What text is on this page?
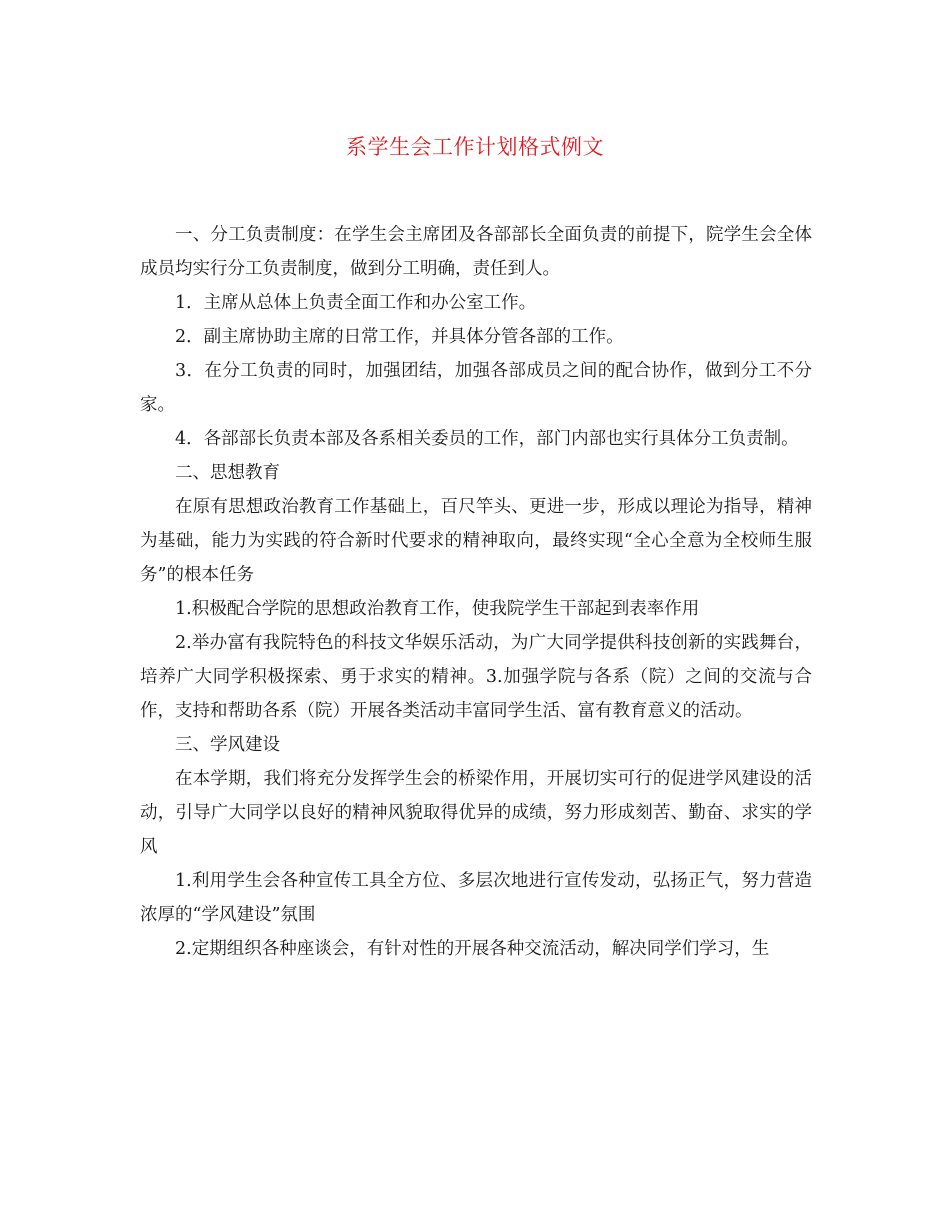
系学生会工作计划格式例文

一、分工负责制度：在学生会主席团及各部部长全面负责的前提下，院学生会全体成员均实行分工负责制度，做到分工明确，责任到人。

1．主席从总体上负责全面工作和办公室工作。

2．副主席协助主席的日常工作，并具体分管各部的工作。

3．在分工负责的同时，加强团结，加强各部成员之间的配合协作，做到分工不分家。

4．各部部长负责本部及各系相关委员的工作，部门内部也实行具体分工负责制。

二、思想教育

在原有思想政治教育工作基础上，百尺竿头、更进一步，形成以理论为指导，精神为基础，能力为实践的符合新时代要求的精神取向，最终实现“全心全意为全校师生服务”的根本任务

1.积极配合学院的思想政治教育工作，使我院学生干部起到表率作用

2.举办富有我院特色的科技文华娱乐活动，为广大同学提供科技创新的实践舞台，培养广大同学积极探索、勇于求实的精神。3.加强学院与各系（院）之间的交流与合作，支持和帮助各系（院）开展各类活动丰富同学生活、富有教育意义的活动。

三、学风建设

在本学期，我们将充分发挥学生会的桥梁作用，开展切实可行的促进学风建设的活动，引导广大同学以良好的精神风貌取得优异的成绩，努力形成刻苦、勤奋、求实的学风

1.利用学生会各种宣传工具全方位、多层次地进行宣传发动，弘扬正气，努力营造浓厚的“学风建设”氛围

2.定期组织各种座谈会，有针对性的开展各种交流活动，解决同学们学习，生
